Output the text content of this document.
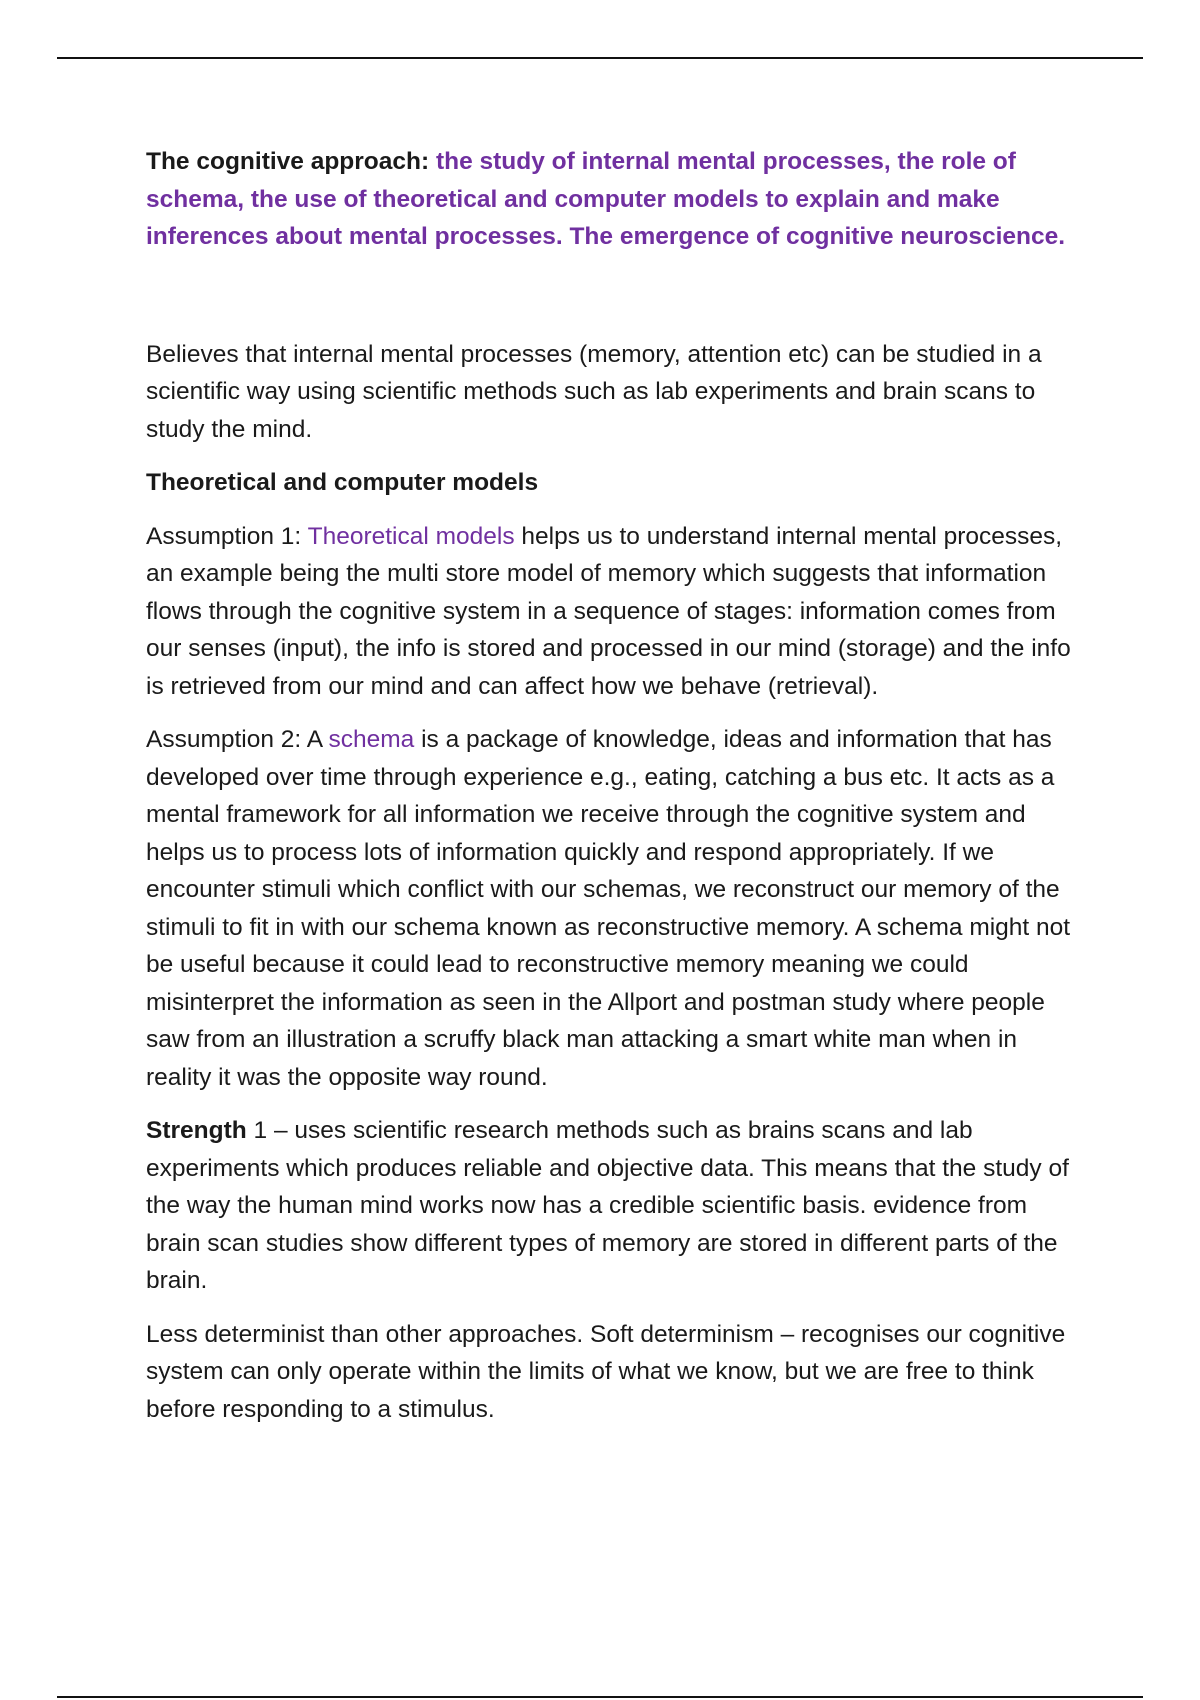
The cognitive approach: the study of internal mental processes, the role of schema, the use of theoretical and computer models to explain and make inferences about mental processes. The emergence of cognitive neuroscience.

Believes that internal mental processes (memory, attention etc) can be studied in a scientific way using scientific methods such as lab experiments and brain scans to study the mind.

Theoretical and computer models

Assumption 1: Theoretical models helps us to understand internal mental processes, an example being the multi store model of memory which suggests that information flows through the cognitive system in a sequence of stages: information comes from our senses (input), the info is stored and processed in our mind (storage) and the info is retrieved from our mind and can affect how we behave (retrieval).

Assumption 2: A schema is a package of knowledge, ideas and information that has developed over time through experience e.g., eating, catching a bus etc. It acts as a mental framework for all information we receive through the cognitive system and helps us to process lots of information quickly and respond appropriately. If we encounter stimuli which conflict with our schemas, we reconstruct our memory of the stimuli to fit in with our schema known as reconstructive memory. A schema might not be useful because it could lead to reconstructive memory meaning we could misinterpret the information as seen in the Allport and postman study where people saw from an illustration a scruffy black man attacking a smart white man when in reality it was the opposite way round.

Strength 1 – uses scientific research methods such as brains scans and lab experiments which produces reliable and objective data. This means that the study of the way the human mind works now has a credible scientific basis. evidence from brain scan studies show different types of memory are stored in different parts of the brain.

Less determinist than other approaches. Soft determinism – recognises our cognitive system can only operate within the limits of what we know, but we are free to think before responding to a stimulus.
